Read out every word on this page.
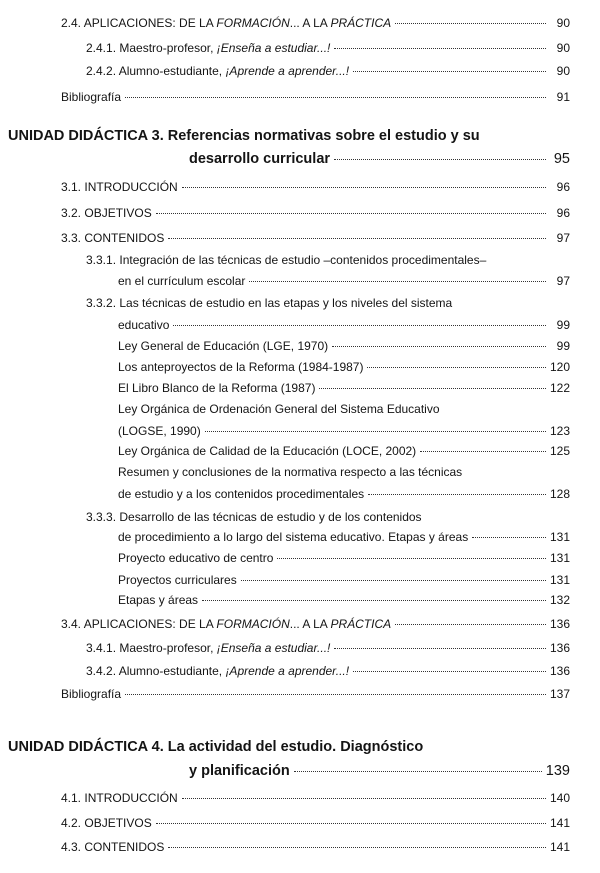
2.4. APLICACIONES: DE LA FORMACIÓN... A LA PRÁCTICA	90
2.4.1. Maestro-profesor, ¡Enseña a estudiar...!	90
2.4.2. Alumno-estudiante, ¡Aprende a aprender...!	90
Bibliografía	91
UNIDAD DIDÁCTICA 3. Referencias normativas sobre el estudio y su
desarrollo curricular	95
3.1. INTRODUCCIÓN	96
3.2. OBJETIVOS	96
3.3. CONTENIDOS	97
3.3.1. Integración de las técnicas de estudio –contenidos procedimentales–
en el currículum escolar	97
3.3.2. Las técnicas de estudio en las etapas y los niveles del sistema
educativo	99
Ley General de Educación (LGE, 1970)	99
Los anteproyectos de la Reforma (1984-1987)	120
El Libro Blanco de la Reforma (1987)	122
Ley Orgánica de Ordenación General del Sistema Educativo
(LOGSE, 1990)	123
Ley Orgánica de Calidad de la Educación (LOCE, 2002)	125
Resumen y conclusiones de la normativa respecto a las técnicas
de estudio y a los contenidos procedimentales	128
3.3.3. Desarrollo de las técnicas de estudio y de los contenidos
de procedimiento a lo largo del sistema educativo. Etapas y áreas	131
Proyecto educativo de centro	131
Proyectos curriculares	131
Etapas y áreas	132
3.4. APLICACIONES: DE LA FORMACIÓN... A LA PRÁCTICA	136
3.4.1. Maestro-profesor, ¡Enseña a estudiar...!	136
3.4.2. Alumno-estudiante, ¡Aprende a aprender...!	136
Bibliografía	137
UNIDAD DIDÁCTICA 4. La actividad del estudio. Diagnóstico
y planificación	139
4.1. INTRODUCCIÓN	140
4.2. OBJETIVOS	141
4.3. CONTENIDOS	141
